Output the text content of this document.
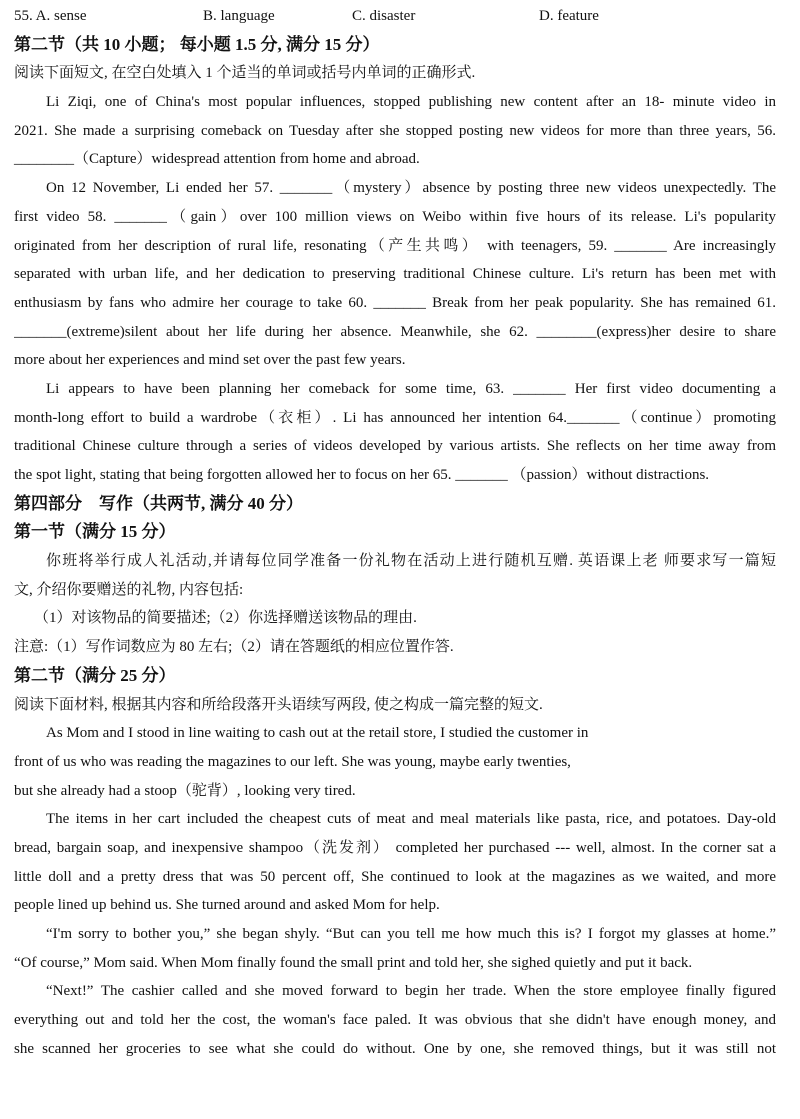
55. A. sense	B. language	C. disaster	D. feature
第二节（共 10 小题； 每小题 1.5 分, 满分 15 分）
阅读下面短文, 在空白处填入 1 个适当的单词或括号内单词的正确形式.
Li Ziqi, one of China's most popular influences, stopped publishing new content after an 18- minute video in
2021. She made a surprising comeback on Tuesday after she stopped posting new videos for more than three years, 56.
________（Capture）widespread attention from home and abroad.
On 12 November, Li ended her 57. _______（mystery）absence by posting three new videos unexpectedly. The
first video 58. _______（gain）over 100 million views on Weibo within five hours of its release. Li's popularity
originated from her description of rural life, resonating（产生共鸣） with teenagers, 59. _______ Are increasingly
separated with urban life, and her dedication to preserving traditional Chinese culture. Li's return has been met with
enthusiasm by fans who admire her courage to take 60. _______ Break from her peak popularity. She has remained 61.
_______(extreme)silent about her life during her absence. Meanwhile, she 62. ________(express)her desire to share
more about her experiences and mind set over the past few years.
Li appears to have been planning her comeback for some time, 63. _______ Her first video documenting a
month-long effort to build a wardrobe（衣柜）. Li has announced her intention 64._______（continue）promoting
traditional Chinese culture through a series of videos developed by various artists. She reflects on her time away from
the spot light, stating that being forgotten allowed her to focus on her 65. _______ （passion）without distractions.
第四部分　写作（共两节, 满分 40 分）
第一节（满分 15 分）
你班将举行成人礼活动,并请每位同学准备一份礼物在活动上进行随机互赠. 英语课上老 师要求写一篇短
文, 介绍你要赠送的礼物, 内容包括:
（1）对该物品的简要描述;（2）你选择赠送该物品的理由.
注意:（1）写作词数应为 80 左右;（2）请在答题纸的相应位置作答.
第二节（满分 25 分）
阅读下面材料, 根据其内容和所给段落开头语续写两段, 使之构成一篇完整的短文.
As Mom and I stood in line waiting to cash out at the retail store, I studied the customer in
front of us who was reading the magazines to our left. She was young, maybe early twenties,
but she already had a stoop（驼背）, looking very tired.
The items in her cart included the cheapest cuts of meat and meal materials like pasta, rice, and potatoes. Day-old
bread, bargain soap, and inexpensive shampoo（洗发剂） completed her purchased --- well, almost. In the corner sat a
little doll and a pretty dress that was 50 percent off, She continued to look at the magazines as we waited, and more
people lined up behind us. She turned around and asked Mom for help.
“I'm sorry to bother you,” she began shyly. “But can you tell me how much this is? I forgot my glasses at home.”
“Of course,” Mom said. When Mom finally found the small print and told her, she sighed quietly and put it back.
“Next!” The cashier called and she moved forward to begin her trade. When the store employee finally figured
everything out and told her the cost, the woman's face paled. It was obvious that she didn't have enough money, and
she scanned her groceries to see what she could do without. One by one, she removed things, but it was still not
